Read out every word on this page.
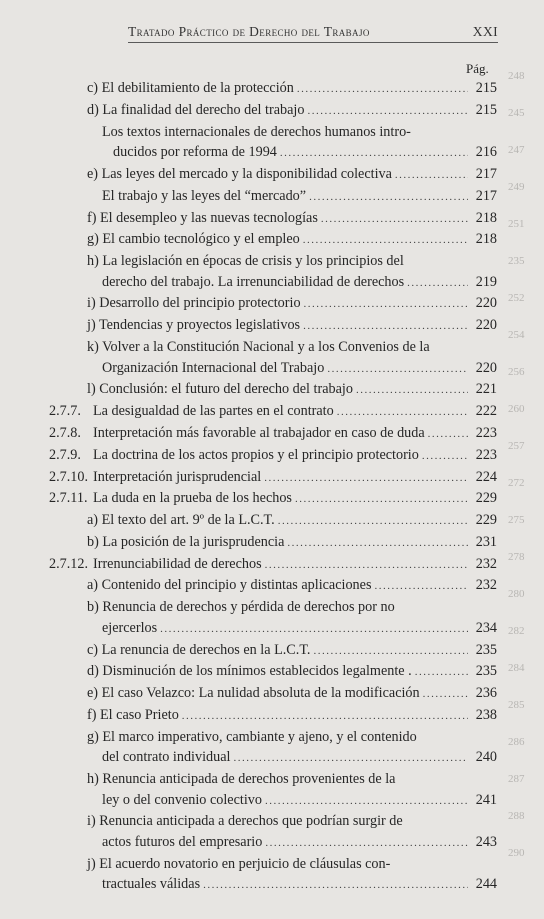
Tratado Práctico de Derecho del Trabajo	XXI
Pág.
c) El debilitamiento de la protección .....	215
d) La finalidad del derecho del trabajo .....	215
Los textos internacionales de derechos humanos intro-
ducidos por reforma de 1994 .....	216
e) Las leyes del mercado y la disponibilidad colectiva .....	217
El trabajo y las leyes del “mercado” .....	217
f) El desempleo y las nuevas tecnologías .....	218
g) El cambio tecnológico y el empleo .....	218
h) La legislación en épocas de crisis y los principios del
derecho del trabajo. La irrenunciabilidad de derechos .....	219
i) Desarrollo del principio protectorio .....	220
j) Tendencias y proyectos legislativos .....	220
k) Volver a la Constitución Nacional y a los Convenios de la
Organización Internacional del Trabajo .....	220
l) Conclusión: el futuro del derecho del trabajo .....	221
2.7.7. La desigualdad de las partes en el contrato .....	222
2.7.8. Interpretación más favorable al trabajador en caso de duda .....	223
2.7.9. La doctrina de los actos propios y el principio protectorio .....	223
2.7.10. Interpretación jurisprudencial .....	224
2.7.11. La duda en la prueba de los hechos .....	229
a) El texto del art. 9º de la L.C.T. .....	229
b) La posición de la jurisprudencia .....	231
2.7.12. Irrenunciabilidad de derechos .....	232
a) Contenido del principio y distintas aplicaciones .....	232
b) Renuncia de derechos y pérdida de derechos por no
ejercerlos .....	234
c) La renuncia de derechos en la L.C.T. .....	235
d) Disminución de los mínimos establecidos legalmente . .....	235
e) El caso Velazco: La nulidad absoluta de la modificación .....	236
f) El caso Prieto .....	238
g) El marco imperativo, cambiante y ajeno, y el contenido
del contrato individual .....	240
h) Renuncia anticipada de derechos provenientes de la
ley o del convenio colectivo .....	241
i) Renuncia anticipada a derechos que podrían surgir de
actos futuros del empresario .....	243
j) El acuerdo novatorio en perjuicio de cláusulas con-
tractuales válidas .....	244
248
245
247
249
251
235
252
254
256
260
257
272
275
278
280
282
284
285
286
287
288
290
